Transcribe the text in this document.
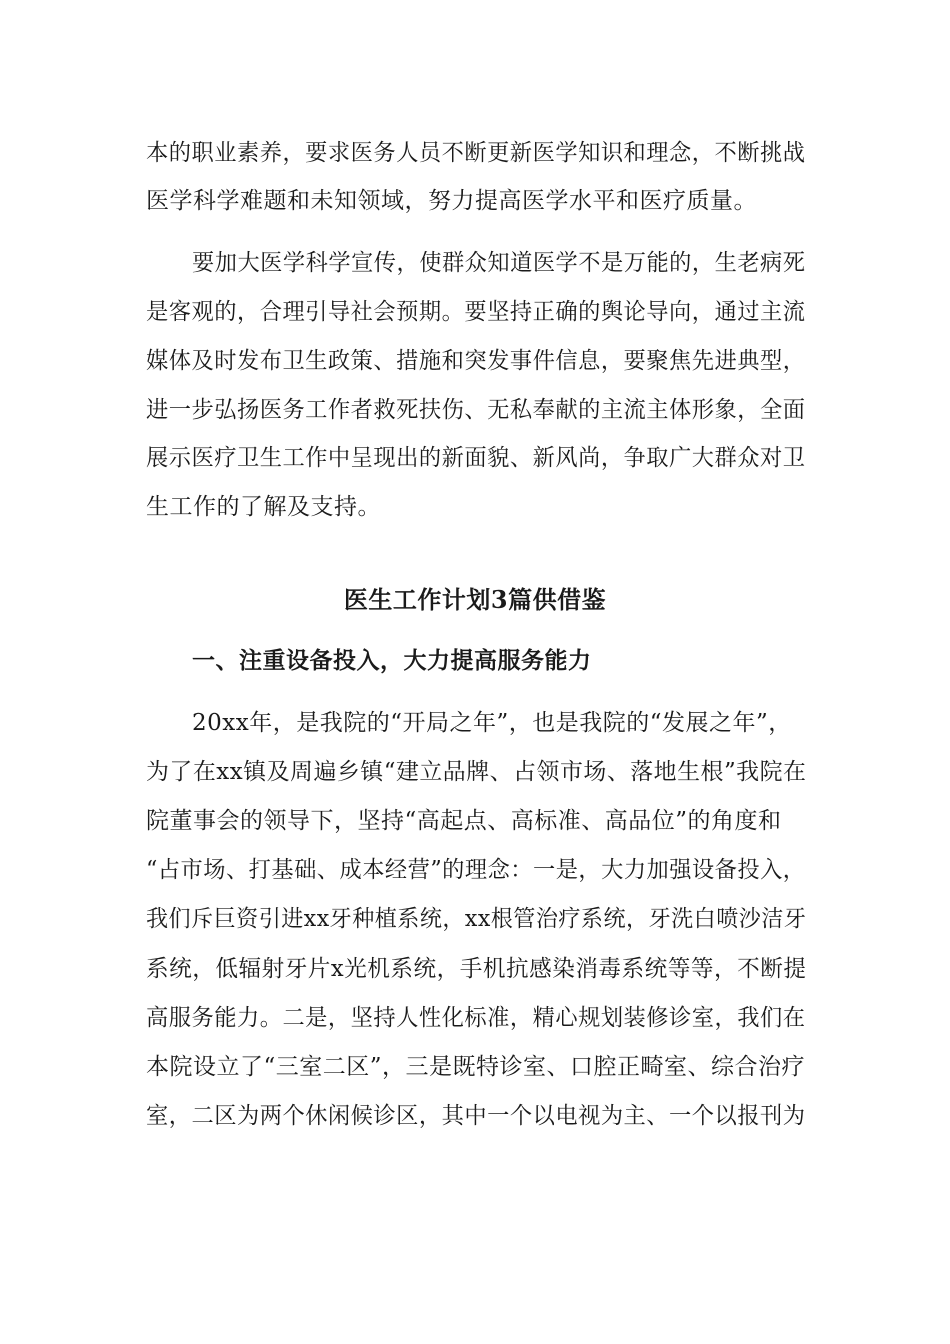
本的职业素养，要求医务人员不断更新医学知识和理念，不断挑战
医学科学难题和未知领域，努力提高医学水平和医疗质量。
要加大医学科学宣传，使群众知道医学不是万能的，生老病死
是客观的，合理引导社会预期。要坚持正确的舆论导向，通过主流
媒体及时发布卫生政策、措施和突发事件信息，要聚焦先进典型，
进一步弘扬医务工作者救死扶伤、无私奉献的主流主体形象，全面
展示医疗卫生工作中呈现出的新面貌、新风尚，争取广大群众对卫
生工作的了解及支持。
医生工作计划3篇供借鉴
一、注重设备投入，大力提高服务能力
20xx年，是我院的“开局之年”，也是我院的“发展之年”，
为了在xx镇及周遍乡镇“建立品牌、占领市场、落地生根”我院在
院董事会的领导下，坚持“高起点、高标准、高品位”的角度和
“占市场、打基础、成本经营”的理念：一是，大力加强设备投入，
我们斥巨资引进xx牙种植系统，xx根管治疗系统，牙洗白喷沙洁牙
系统，低辐射牙片x光机系统，手机抗感染消毒系统等等，不断提
高服务能力。二是，坚持人性化标准，精心规划装修诊室，我们在
本院设立了“三室二区”，三是既特诊室、口腔正畸室、综合治疗
室，二区为两个休闲候诊区，其中一个以电视为主、一个以报刊为
